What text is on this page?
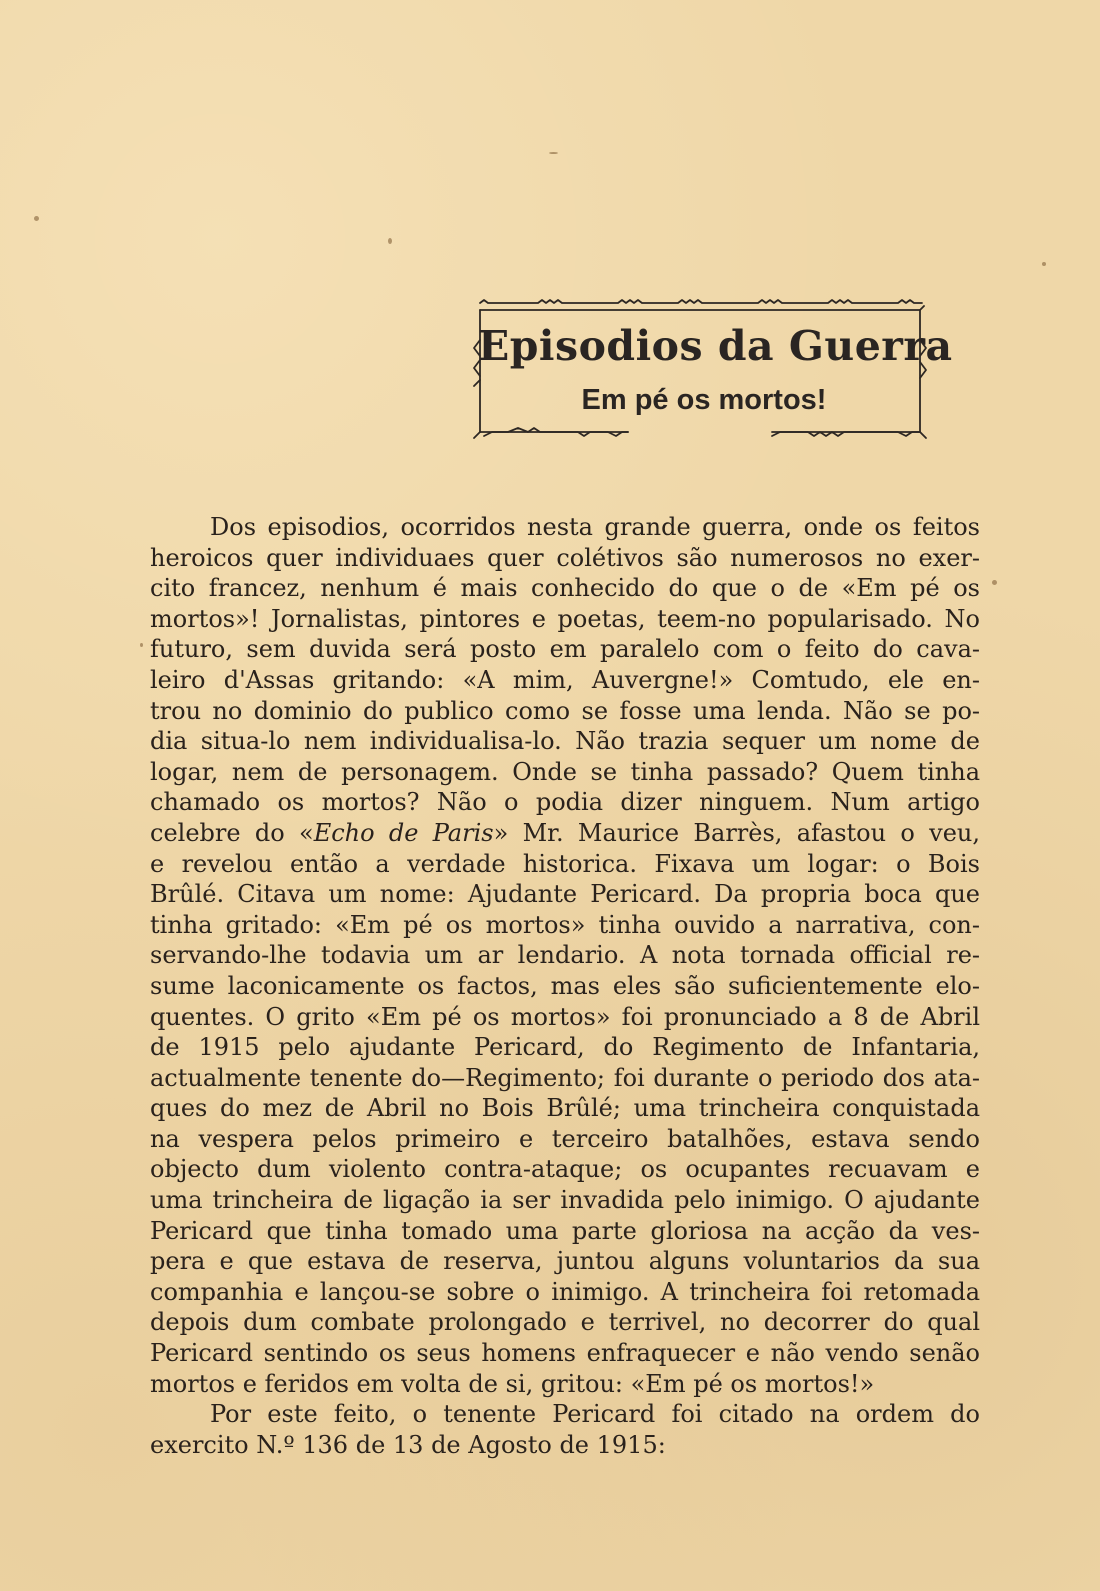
Episodios da Guerra
Em pé os mortos!
Dos episodios, ocorridos nesta grande guerra, onde os feitos
heroicos quer individuaes quer colétivos são numerosos no exer-
cito francez, nenhum é mais conhecido do que o de «Em pé os
mortos»! Jornalistas, pintores e poetas, teem-no popularisado. No
futuro, sem duvida será posto em paralelo com o feito do cava-
leiro d'Assas gritando: «A mim, Auvergne!» Comtudo, ele en-
trou no dominio do publico como se fosse uma lenda. Não se po-
dia situa-lo nem individualisa-lo. Não trazia sequer um nome de
logar, nem de personagem. Onde se tinha passado? Quem tinha
chamado os mortos? Não o podia dizer ninguem. Num artigo
celebre do «Echo de Paris» Mr. Maurice Barrès, afastou o veu,
e revelou então a verdade historica. Fixava um logar: o Bois
Brûlé. Citava um nome: Ajudante Pericard. Da propria boca que
tinha gritado: «Em pé os mortos» tinha ouvido a narrativa, con-
servando-lhe todavia um ar lendario. A nota tornada official re-
sume laconicamente os factos, mas eles são suficientemente elo-
quentes. O grito «Em pé os mortos» foi pronunciado a 8 de Abril
de 1915 pelo ajudante Pericard, do Regimento de Infantaria,
actualmente tenente do—Regimento; foi durante o periodo dos ata-
ques do mez de Abril no Bois Brûlé; uma trincheira conquistada
na vespera pelos primeiro e terceiro batalhões, estava sendo
objecto dum violento contra-ataque; os ocupantes recuavam e
uma trincheira de ligação ia ser invadida pelo inimigo. O ajudante
Pericard que tinha tomado uma parte gloriosa na acção da ves-
pera e que estava de reserva, juntou alguns voluntarios da sua
companhia e lançou-se sobre o inimigo. A trincheira foi retomada
depois dum combate prolongado e terrivel, no decorrer do qual
Pericard sentindo os seus homens enfraquecer e não vendo senão
mortos e feridos em volta de si, gritou: «Em pé os mortos!»
Por este feito, o tenente Pericard foi citado na ordem do
exercito N.º 136 de 13 de Agosto de 1915:
